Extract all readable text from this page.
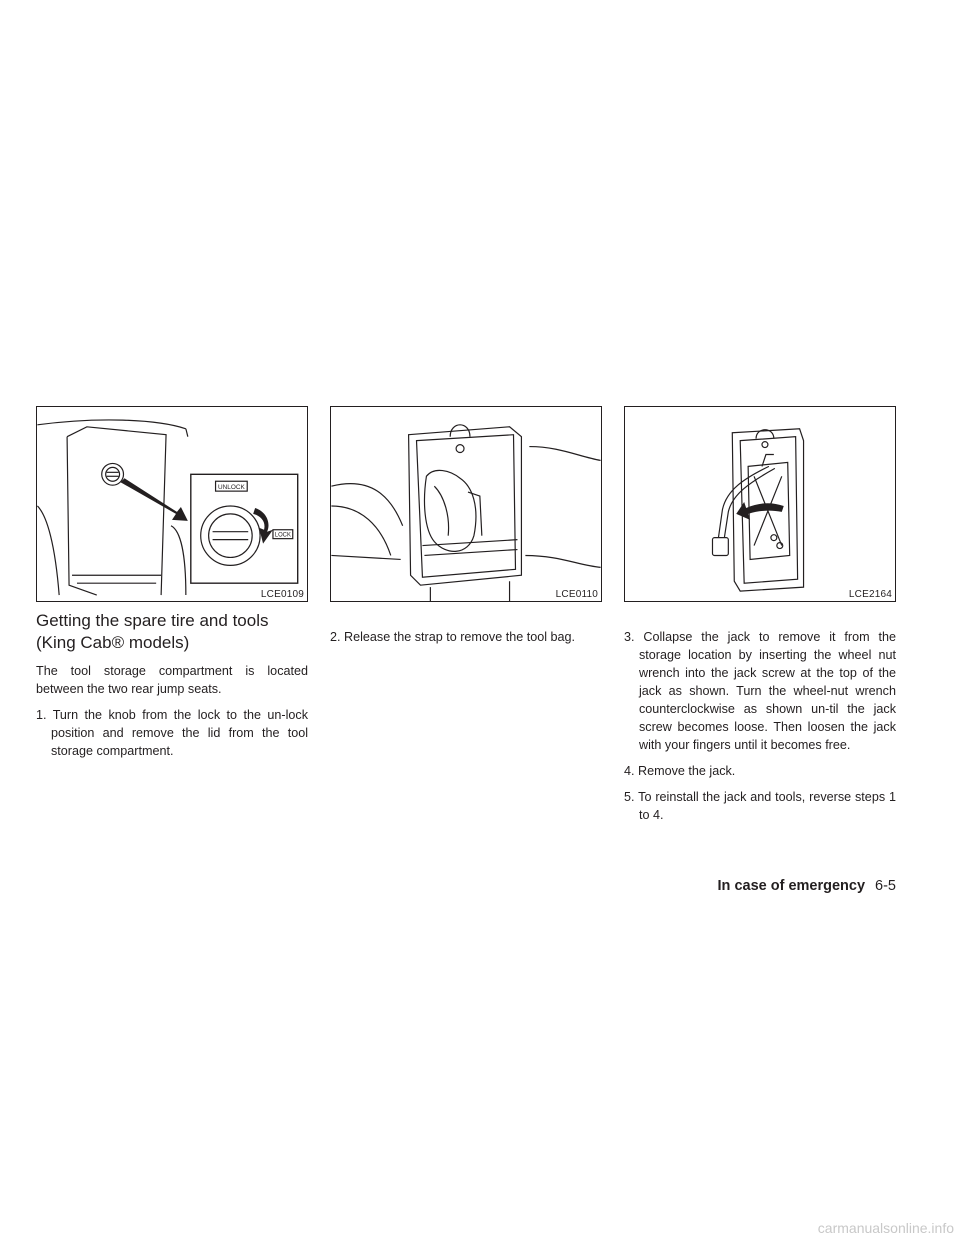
UNLOCK
LOCK
LCE0109	LCE0110	LCE2164
Getting the spare tire and tools
(King Cab® models)

The tool storage compartment is located between the two rear jump seats.

1. Turn the knob from the lock to the un-lock position and remove the lid from the tool storage compartment.
2. Release the strap to remove the tool bag.	3. Collapse the jack to remove it from the storage location by inserting the wheel nut wrench into the jack screw at the top of the jack as shown. Turn the wheel-nut wrench counterclockwise as shown un-til the jack screw becomes loose. Then loosen the jack with your fingers until it becomes free.
4. Remove the jack.
5. To reinstall the jack and tools, reverse steps 1 to 4.
In case of emergency 6-5
carmanualsonline.info
